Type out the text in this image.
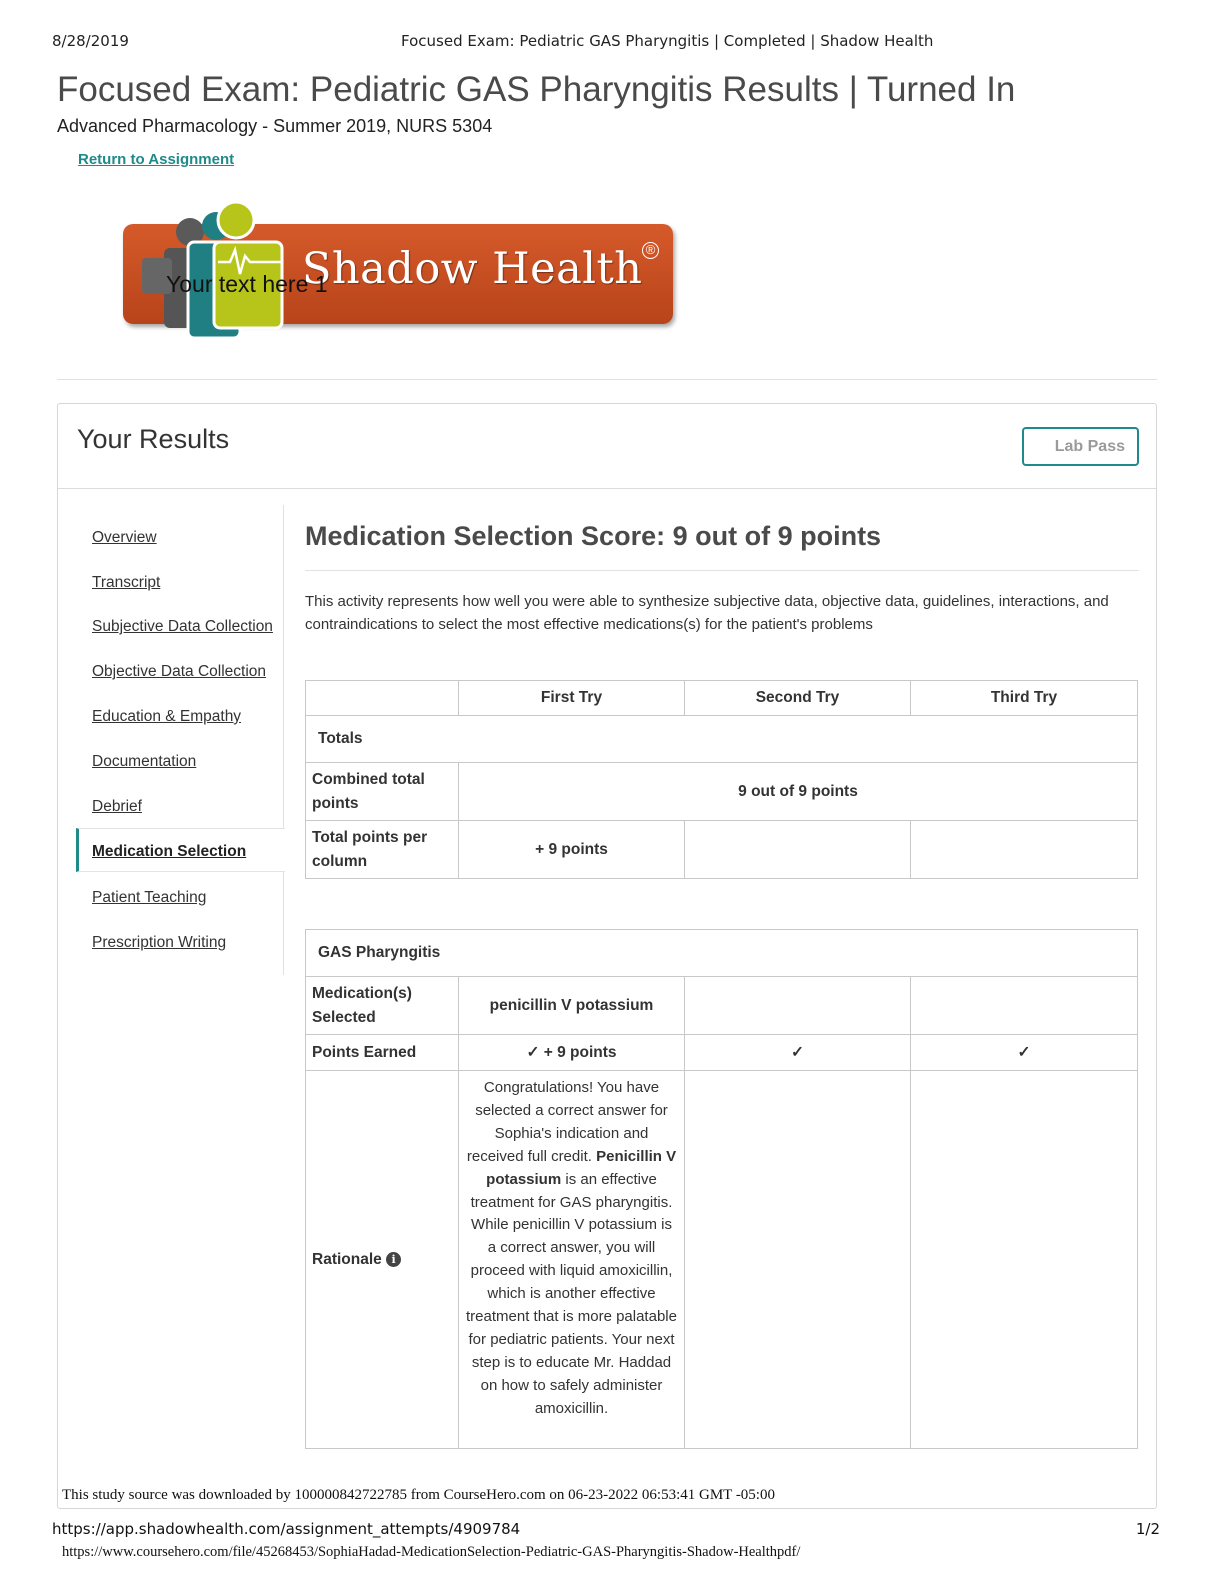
8/28/2019	Focused Exam: Pediatric GAS Pharyngitis | Completed | Shadow Health
Focused Exam: Pediatric GAS Pharyngitis Results | Turned In
Advanced Pharmacology - Summer 2019, NURS 5304
Return to Assignment
Shadow Health ®
Your text here 1
Your Results	Lab Pass
Overview
Transcript
Subjective Data Collection
Objective Data Collection
Education & Empathy
Documentation
Debrief
Medication Selection
Patient Teaching
Prescription Writing
Medication Selection Score: 9 out of 9 points

This activity represents how well you were able to synthesize subjective data, objective data, guidelines, interactions, and contraindications to select the most effective medications(s) for the patient's problems

	First Try	Second Try	Third Try
Totals			
Combined total points	9 out of 9 points		
Total points per column	+ 9 points		
GAS Pharyngitis			
Medication(s) Selected	penicillin V potassium		
Points Earned	✓ + 9 points	✓	✓
Rationale i	Congratulations! You have selected a correct answer for Sophia's indication and received full credit. Penicillin V potassium is an effective treatment for GAS pharyngitis. While penicillin V potassium is a correct answer, you will proceed with liquid amoxicillin, which is another effective treatment that is more palatable for pediatric patients. Your next step is to educate Mr. Haddad on how to safely administer amoxicillin.		
This study source was downloaded by 100000842722785 from CourseHero.com on 06-23-2022 06:53:41 GMT -05:00
https://app.shadowhealth.com/assignment_attempts/4909784	1/2
https://www.coursehero.com/file/45268453/SophiaHadad-MedicationSelection-Pediatric-GAS-Pharyngitis-Shadow-Healthpdf/
